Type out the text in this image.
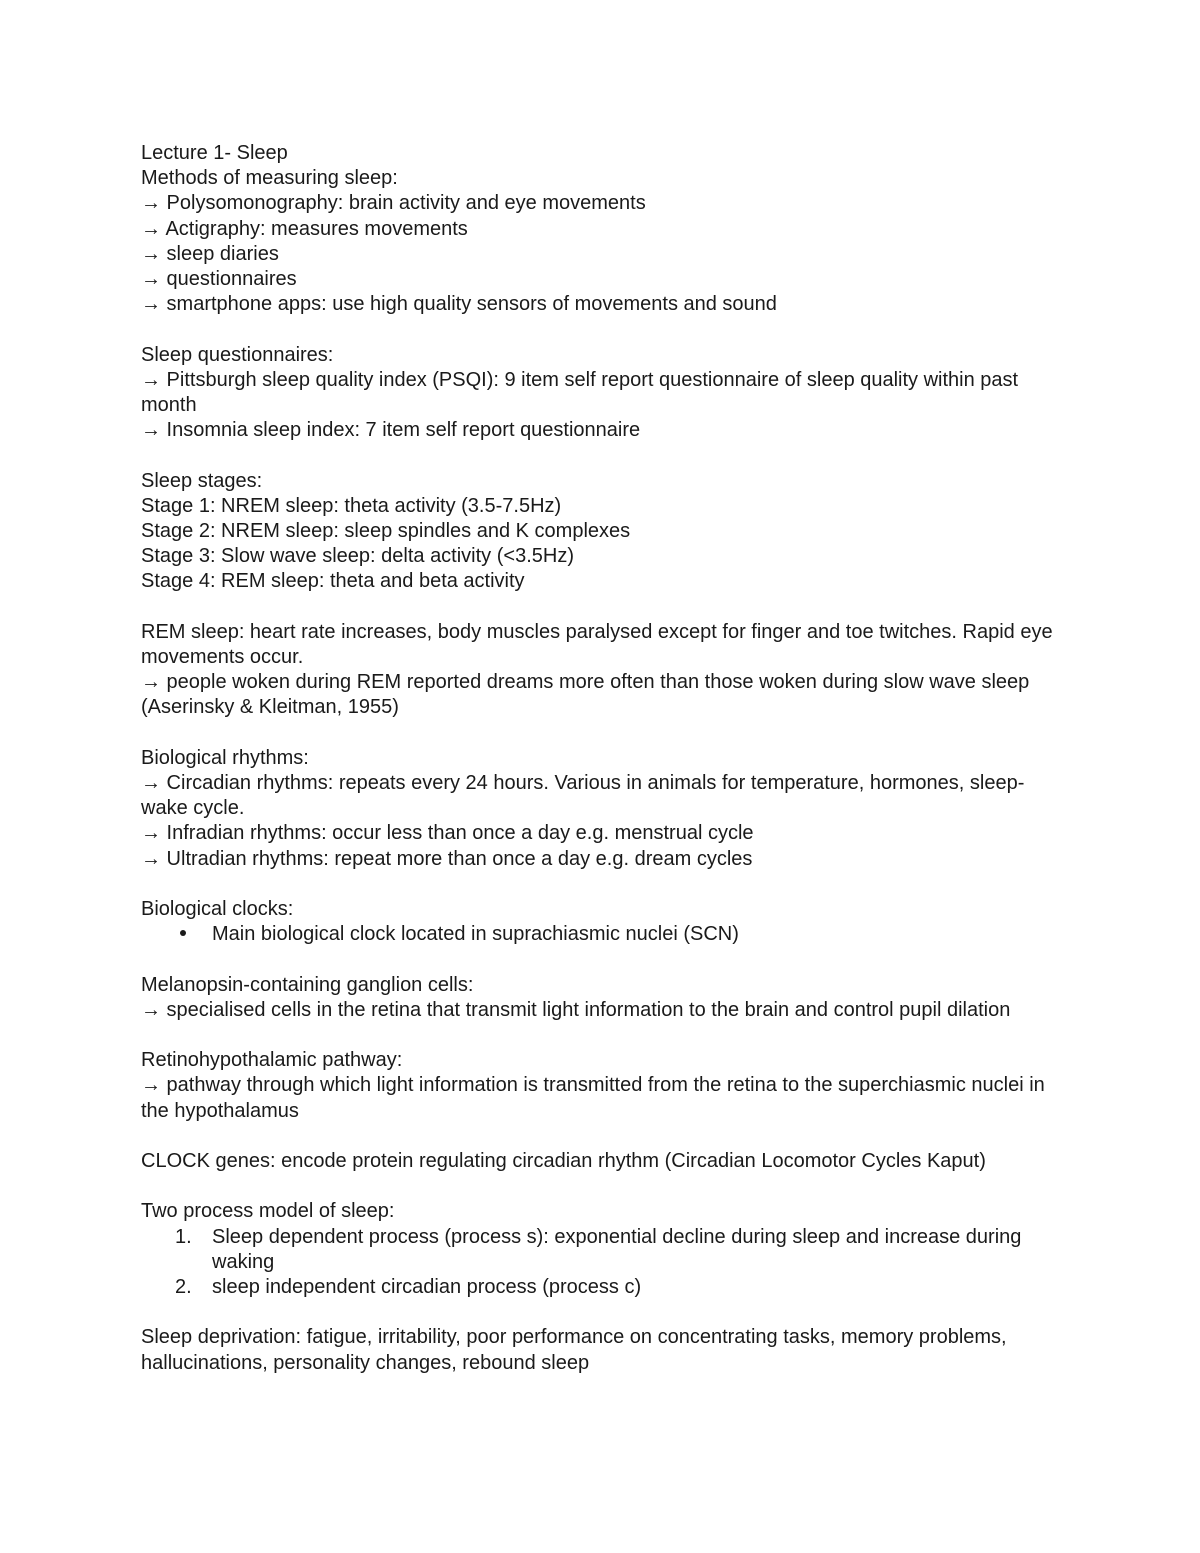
Lecture 1- Sleep

Methods of measuring sleep:

→ Polysomonography: brain activity and eye movements

→ Actigraphy: measures movements

→ sleep diaries

→ questionnaires

→ smartphone apps: use high quality sensors of movements and sound

Sleep questionnaires:

→ Pittsburgh sleep quality index (PSQI): 9 item self report questionnaire of sleep quality within past month

→ Insomnia sleep index: 7 item self report questionnaire

Sleep stages:

Stage 1: NREM sleep: theta activity (3.5-7.5Hz)

Stage 2: NREM sleep: sleep spindles and K complexes

Stage 3: Slow wave sleep: delta activity (<3.5Hz)

Stage 4: REM sleep: theta and beta activity

REM sleep: heart rate increases, body muscles paralysed except for finger and toe twitches. Rapid eye movements occur.

→ people woken during REM reported dreams more often than those woken during slow wave sleep (Aserinsky & Kleitman, 1955)

Biological rhythms:

→ Circadian rhythms: repeats every 24 hours. Various in animals for temperature, hormones, sleep-wake cycle.

→ Infradian rhythms: occur less than once a day e.g. menstrual cycle

→ Ultradian rhythms: repeat more than once a day e.g. dream cycles

Biological clocks:

Main biological clock located in suprachiasmic nuclei (SCN)

Melanopsin-containing ganglion cells:

→ specialised cells in the retina that transmit light information to the brain and control pupil dilation

Retinohypothalamic pathway:

→ pathway through which light information is transmitted from the retina to the superchiasmic nuclei in the hypothalamus

CLOCK genes: encode protein regulating circadian rhythm (Circadian Locomotor Cycles Kaput)

Two process model of sleep:

1.	Sleep dependent process (process s): exponential decline during sleep and increase during waking
2.	sleep independent circadian process (process c)

Sleep deprivation: fatigue, irritability, poor performance on concentrating tasks, memory problems, hallucinations, personality changes, rebound sleep
